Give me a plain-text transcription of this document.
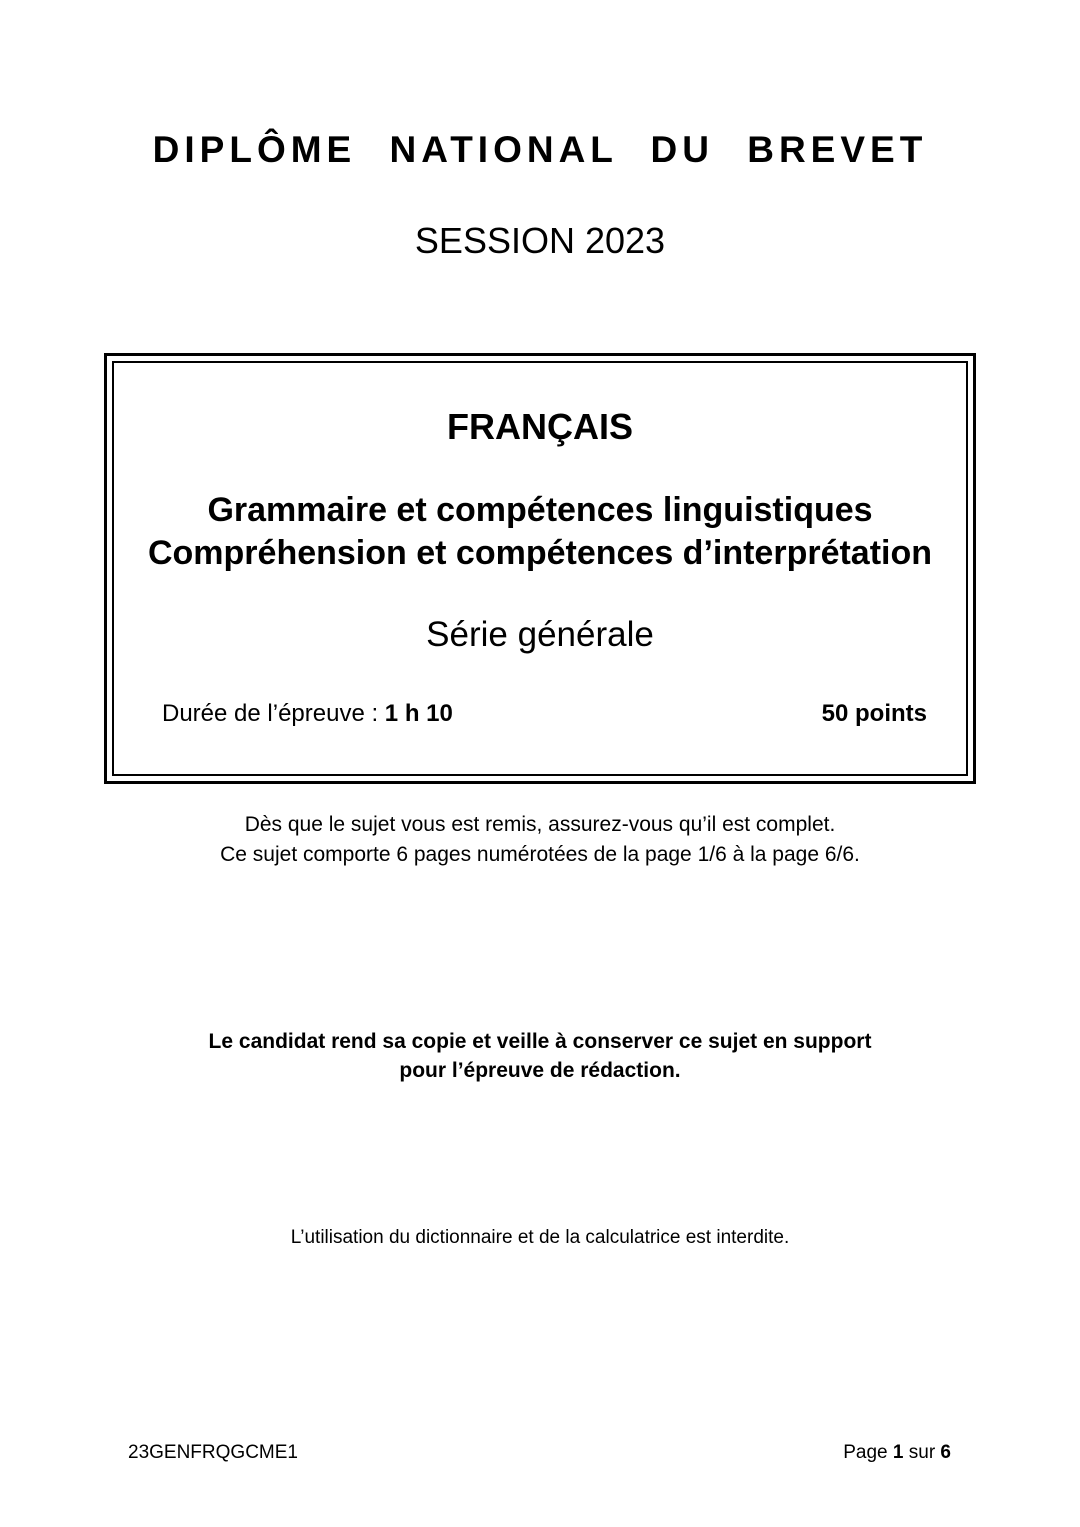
DIPLÔME NATIONAL DU BREVET
SESSION 2023
FRANÇAIS
Grammaire et compétences linguistiques
Compréhension et compétences d’interprétation
Série générale
Durée de l’épreuve : 1 h 10	50 points
Dès que le sujet vous est remis, assurez-vous qu’il est complet.
Ce sujet comporte 6 pages numérotées de la page 1/6 à la page 6/6.
Le candidat rend sa copie et veille à conserver ce sujet en support
pour l’épreuve de rédaction.
L’utilisation du dictionnaire et de la calculatrice est interdite.
23GENFRQGCME1	Page 1 sur 6
